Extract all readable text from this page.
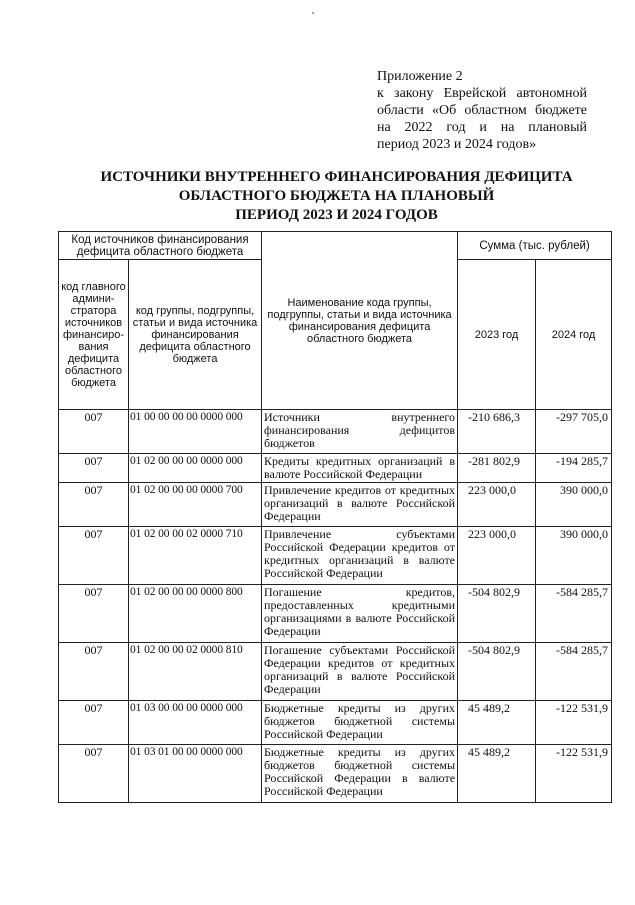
Приложение 2
к закону Еврейской автономной
области «Об областном бюджете
на 2022 год и на плановый
период 2023 и 2024 годов»
ИСТОЧНИКИ ВНУТРЕННЕГО ФИНАНСИРОВАНИЯ ДЕФИЦИТА
ОБЛАСТНОГО БЮДЖЕТА НА ПЛАНОВЫЙ
ПЕРИОД 2023 И 2024 ГОДОВ
Код источников финансирования дефицита областного бюджета		Наименование кода группы, подгруппы, статьи и вида источника финансирования дефицита областного бюджета	Сумма (тыс. рублей)	
код главного админи-стратора источников финансиро-вания дефицита областного бюджета	код группы, подгруппы, статьи и вида источника финансирования дефицита областного бюджета		2023 год	2024 год
007	01 00 00 00 00 0000 000	Источники внутреннего финансирования дефицитов бюджетов	-210 686,3	-297 705,0
007	01 02 00 00 00 0000 000	Кредиты кредитных организаций в валюте Российской Федерации	-281 802,9	-194 285,7
007	01 02 00 00 00 0000 700	Привлечение кредитов от кредитных организаций в валюте Российской Федерации	223 000,0	390 000,0
007	01 02 00 00 02 0000 710	Привлечение субъектами Российской Федерации кредитов от кредитных организаций в валюте Российской Федерации	223 000,0	390 000,0
007	01 02 00 00 00 0000 800	Погашение кредитов, предоставленных кредитными организациями в валюте Российской Федерации	-504 802,9	-584 285,7
007	01 02 00 00 02 0000 810	Погашение субъектами Российской Федерации кредитов от кредитных организаций в валюте Российской Федерации	-504 802,9	-584 285,7
007	01 03 00 00 00 0000 000	Бюджетные кредиты из других бюджетов бюджетной системы Российской Федерации	45 489,2	-122 531,9
007	01 03 01 00 00 0000 000	Бюджетные кредиты из других бюджетов бюджетной системы Российской Федерации в валюте Российской Федерации	45 489,2	-122 531,9
